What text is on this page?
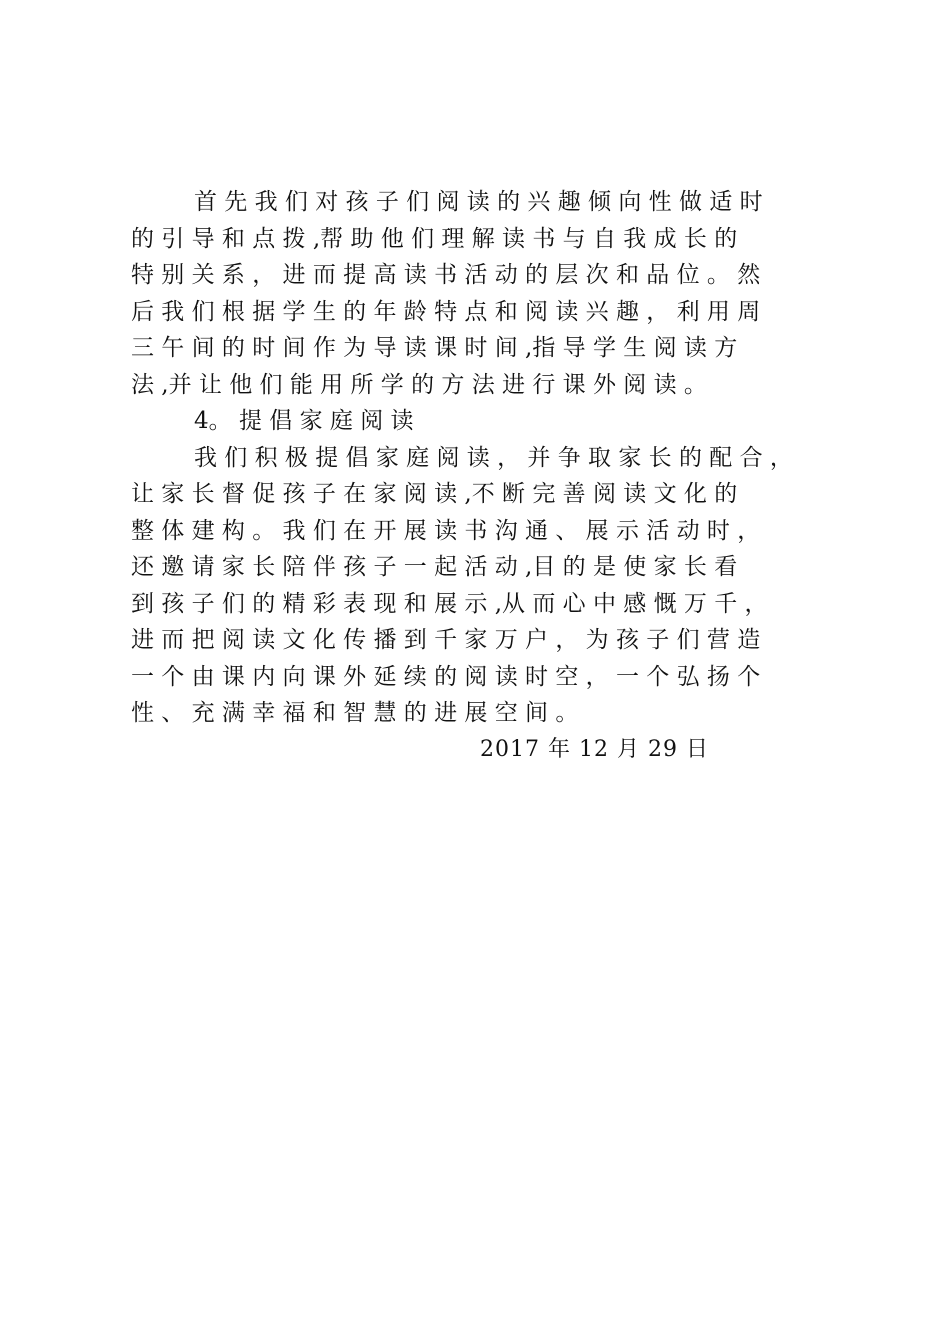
首 先 我 们 对 孩 子 们 阅 读 的 兴 趣 倾 向 性 做 适 时
的 引 导 和 点 拨 ,帮 助 他 们 理 解 读 书 与 自 我 成 长 的
特 别 关 系 ， 进 而 提 高 读 书 活 动 的 层 次 和 品 位 。 然
后 我 们 根 据 学 生 的 年 龄 特 点 和 阅 读 兴 趣 ， 利 用 周
三 午 间 的 时 间 作 为 导 读 课 时 间 ,指 导 学 生 阅 读 方
法 ,并 让 他 们 能 用 所 学 的 方 法 进 行 课 外 阅 读 。
4。 提 倡 家 庭 阅 读
我 们 积 极 提 倡 家 庭 阅 读 ， 并 争 取 家 长 的 配 合 ，
让 家 长 督 促 孩 子 在 家 阅 读 ,不 断 完 善 阅 读 文 化 的
整 体 建 构 。 我 们 在 开 展 读 书 沟 通 、 展 示 活 动 时 ，
还 邀 请 家 长 陪 伴 孩 子 一 起 活 动 ,目 的 是 使 家 长 看
到 孩 子 们 的 精 彩 表 现 和 展 示 ,从 而 心 中 感 慨 万 千 ，
进 而 把 阅 读 文 化 传 播 到 千 家 万 户 ， 为 孩 子 们 营 造
一 个 由 课 内 向 课 外 延 续 的 阅 读 时 空 ， 一 个 弘 扬 个
性 、 充 满 幸 福 和 智 慧 的 进 展 空 间 。
2017 年 12 月 29 日
